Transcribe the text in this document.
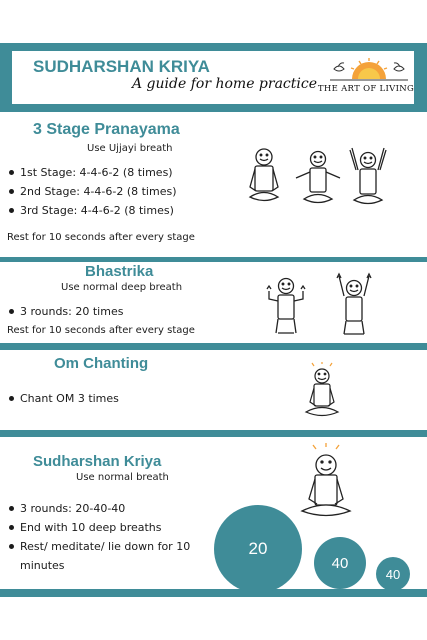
SUDHARSHAN KRIYA
A guide for home practice THE ART OF LIVING
3 Stage Pranayama
Use Ujjayi breath
1st Stage: 4-4-6-2 (8 times)
2nd Stage: 4-4-6-2 (8 times)
3rd Stage: 4-4-6-2 (8 times)
Rest for 10 seconds after every stage
Bhastrika
Use normal deep breath
3 rounds: 20 times
Rest for 10 seconds after every stage
Om Chanting
Chant OM 3 times
Sudharshan Kriya
Use normal breath
3 rounds: 20-40-40
End with 10 deep breaths
Rest/ meditate/ lie down for 10 minutes
20
40
40
